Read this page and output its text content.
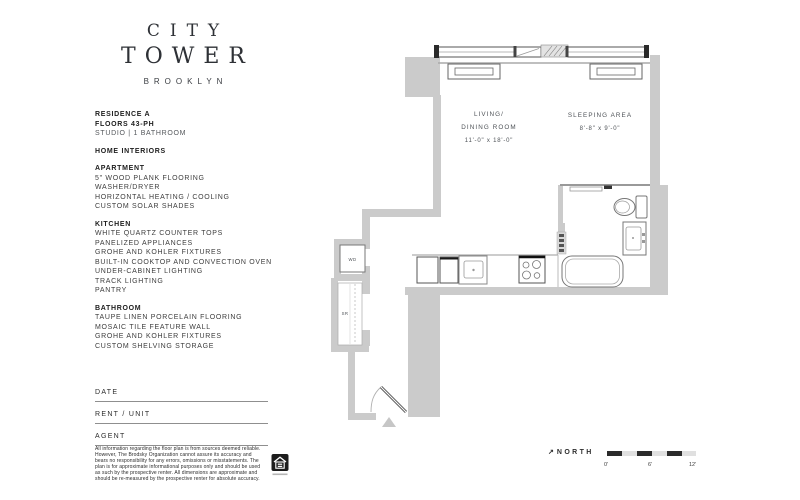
CITY
TOWER
BROOKLYN
RESIDENCE A
FLOORS 43-PH
STUDIO | 1 BATHROOM
HOME INTERIORS
APARTMENT
5" WOOD PLANK FLOORING
WASHER/DRYER
HORIZONTAL HEATING / COOLING
CUSTOM SOLAR SHADES
KITCHEN
WHITE QUARTZ COUNTER TOPS
PANELIZED APPLIANCES
GROHE AND KOHLER FIXTURES
BUILT-IN COOKTOP AND CONVECTION OVEN
UNDER-CABINET LIGHTING
TRACK LIGHTING
PANTRY
BATHROOM
TAUPE LINEN PORCELAIN FLOORING
MOSAIC TILE FEATURE WALL
GROHE AND KOHLER FIXTURES
CUSTOM SHELVING STORAGE
DATE
RENT / UNIT
AGENT
All information regarding the floor plan is from sources deemed reliable. However, The Brodsky Organization cannot assure its accuracy and bears no responsibility for any errors, omissions or misstatements. The plan is for approximate informational purposes only and should be used as such by the prospective renter. All dimensions are approximate and should be re-measured by the prospective renter for absolute accuracy.
WD
SR
LIVING/
DINING ROOM
11'-0" x 18'-0"
SLEEPING AREA
8'-8" x 9'-0"
↗ NORTH
0'	6'	12'
